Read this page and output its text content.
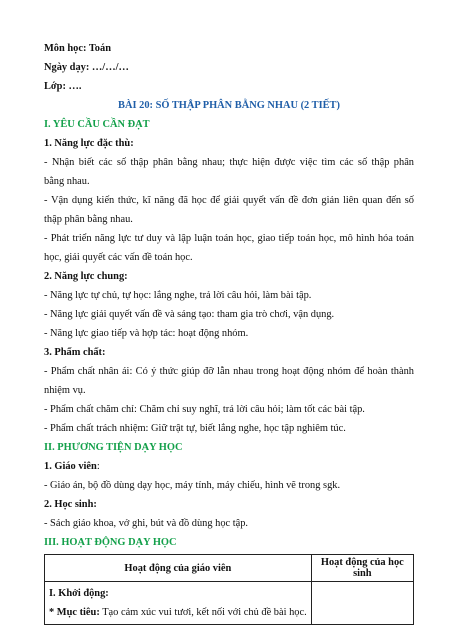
Môn học: Toán
Ngày dạy: …/…/…
Lớp: ….
BÀI 20: SỐ THẬP PHÂN BẰNG NHAU (2 TIẾT)
I. YÊU CẦU CẦN ĐẠT
1. Năng lực đặc thù:
- Nhận biết các số thập phân bằng nhau; thực hiện được việc tìm các số thập phân
bằng nhau.
- Vận dụng kiến thức, kĩ năng đã học để giải quyết vấn đề đơn giản liên quan đến số
thập phân bằng nhau.
- Phát triển năng lực tư duy và lập luận toán học, giao tiếp toán học, mô hình hóa toán
học, giải quyết các vấn đề toán học.
2. Năng lực chung:
- Năng lực tự chủ, tự học: lắng nghe, trả lời câu hỏi, làm bài tập.
- Năng lực giải quyết vấn đề và sáng tạo: tham gia trò chơi, vận dụng.
- Năng lực giao tiếp và hợp tác: hoạt động nhóm.
3. Phẩm chất:
- Phẩm chất nhân ái: Có ý thức giúp đỡ lẫn nhau trong hoạt động nhóm để hoàn thành
nhiệm vụ.
- Phẩm chất chăm chỉ: Chăm chỉ suy nghĩ, trả lời câu hỏi; làm tốt các bài tập.
- Phẩm chất trách nhiệm: Giữ trật tự, biết lắng nghe, học tập nghiêm túc.
II. PHƯƠNG TIỆN DẠY HỌC
1. Giáo viên:
- Giáo án, bộ đồ dùng dạy học, máy tính, máy chiếu, hình vẽ trong sgk.
2. Học sinh:
- Sách giáo khoa, vở ghi, bút và đồ dùng học tập.
III. HOẠT ĐỘNG DẠY HỌC
Hoạt động của giáo viên	Hoạt động của học sinh

I. Khởi động:
* Mục tiêu: Tạo cảm xúc vui tươi, kết nối với chủ đề bài học.	
